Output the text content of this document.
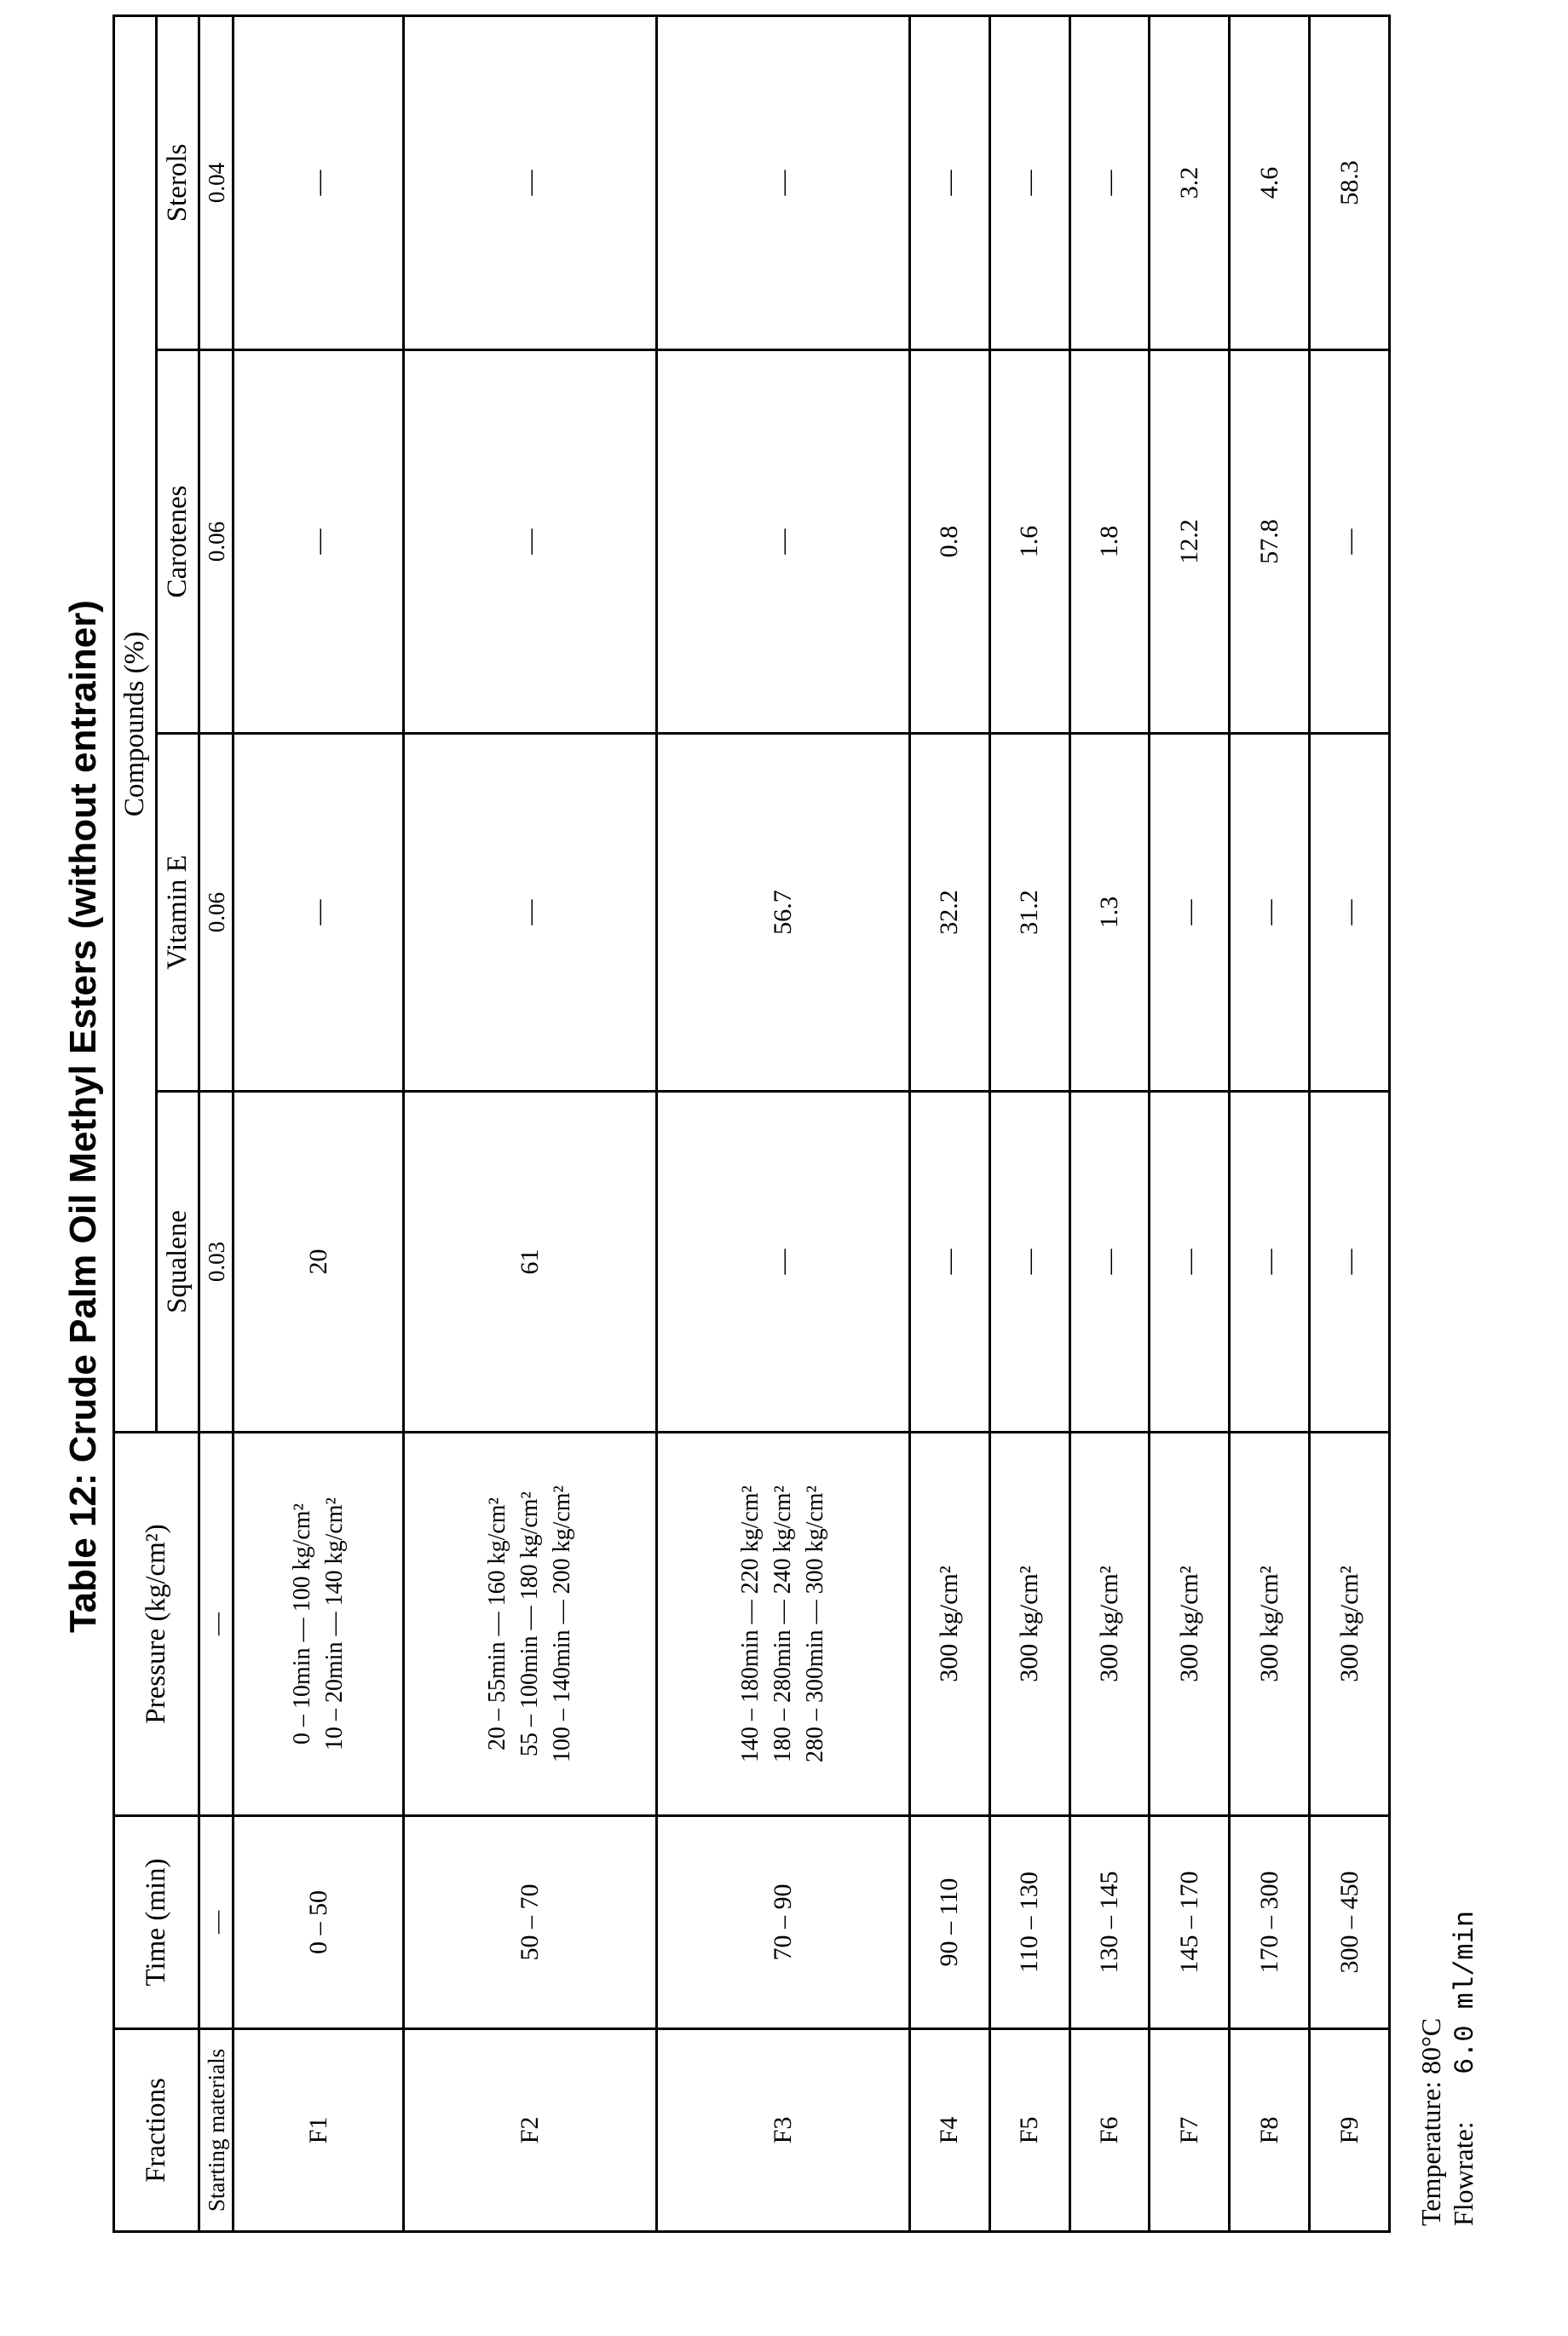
Table 12: Crude Palm Oil Methyl Esters (without entrainer)
Fractions	Time (min)	Pressure (kg/cm²)	Compounds (%)			
			Squalene	Vitamin E	Carotenes	Sterols
Starting materials	—	—	0.03	0.06	0.06	0.04
F1	0 – 50	0 – 10min — 100 kg/cm² 10 – 20min — 140 kg/cm²	20	—	—	—
F2	50 – 70	20 – 55min — 160 kg/cm² 55 – 100min — 180 kg/cm² 100 – 140min — 200 kg/cm²	61	—	—	—
F3	70 – 90	140 – 180min — 220 kg/cm² 180 – 280min — 240 kg/cm² 280 – 300min — 300 kg/cm²	—	56.7	—	—
F4	90 – 110	300 kg/cm²	—	32.2	0.8	—
F5	110 – 130	300 kg/cm²	—	31.2	1.6	—
F6	130 – 145	300 kg/cm²	—	1.3	1.8	—
F7	145 – 170	300 kg/cm²	—	—	12.2	3.2
F8	170 – 300	300 kg/cm²	—	—	57.8	4.6
F9	300 – 450	300 kg/cm²	—	—	—	58.3
Temperature: 80°C
Flowrate: 6.0 ml/min
